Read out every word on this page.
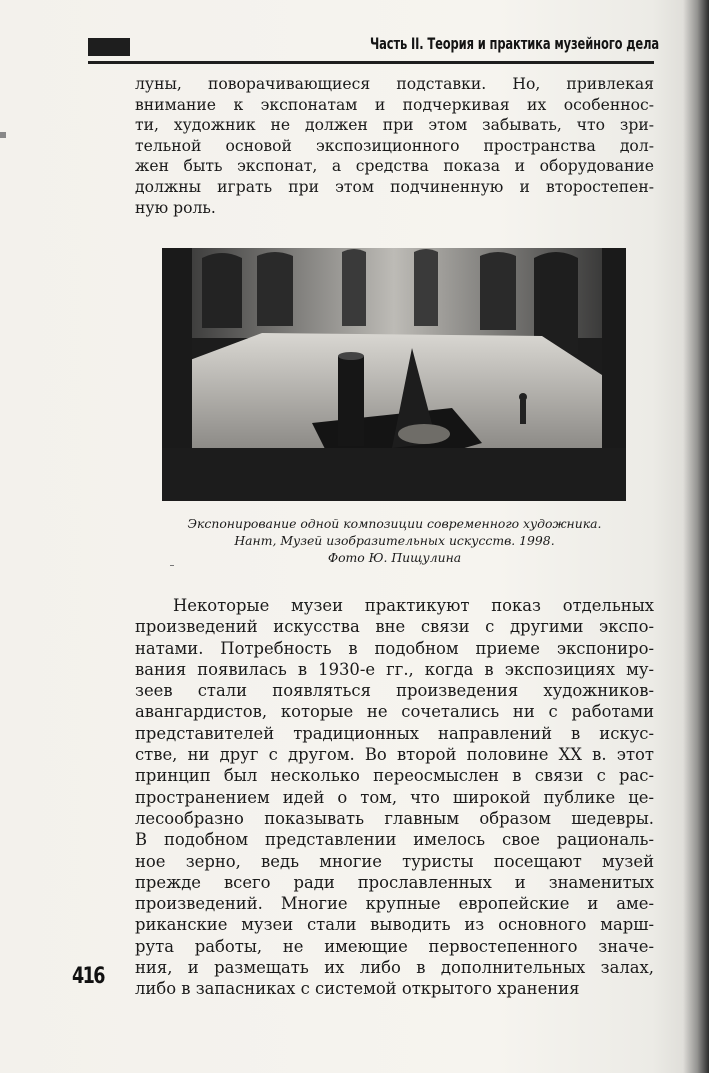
Часть II. Теория и практика музейного дела
луны, поворачивающиеся подставки. Но, привлекая
внимание к экспонатам и подчеркивая их особеннос-
ти, художник не должен при этом забывать, что зри-
тельной основой экспозиционного пространства дол-
жен быть экспонат, а средства показа и оборудование
должны играть при этом подчиненную и второстепен-
ную роль.
Экспонирование одной композиции современного художника.
Нант, Музей изобразительных искусств. 1998.
Фото Ю. Пищулина
Некоторые музеи практикуют показ отдельных
произведений искусства вне связи с другими экспо-
натами. Потребность в подобном приеме экспониро-
вания появилась в 1930-е гг., когда в экспозициях му-
зеев стали появляться произведения художников-
авангардистов, которые не сочетались ни с работами
представителей традиционных направлений в искус-
стве, ни друг с другом. Во второй половине XX в. этот
принцип был несколько переосмыслен в связи с рас-
пространением идей о том, что широкой публике це-
лесообразно показывать главным образом шедевры.
В подобном представлении имелось свое рациональ-
ное зерно, ведь многие туристы посещают музей
прежде всего ради прославленных и знаменитых
произведений. Многие крупные европейские и аме-
риканские музеи стали выводить из основного марш-
рута работы, не имеющие первостепенного значе-
ния, и размещать их либо в дополнительных залах,
либо в запасниках с системой открытого хранения
416
